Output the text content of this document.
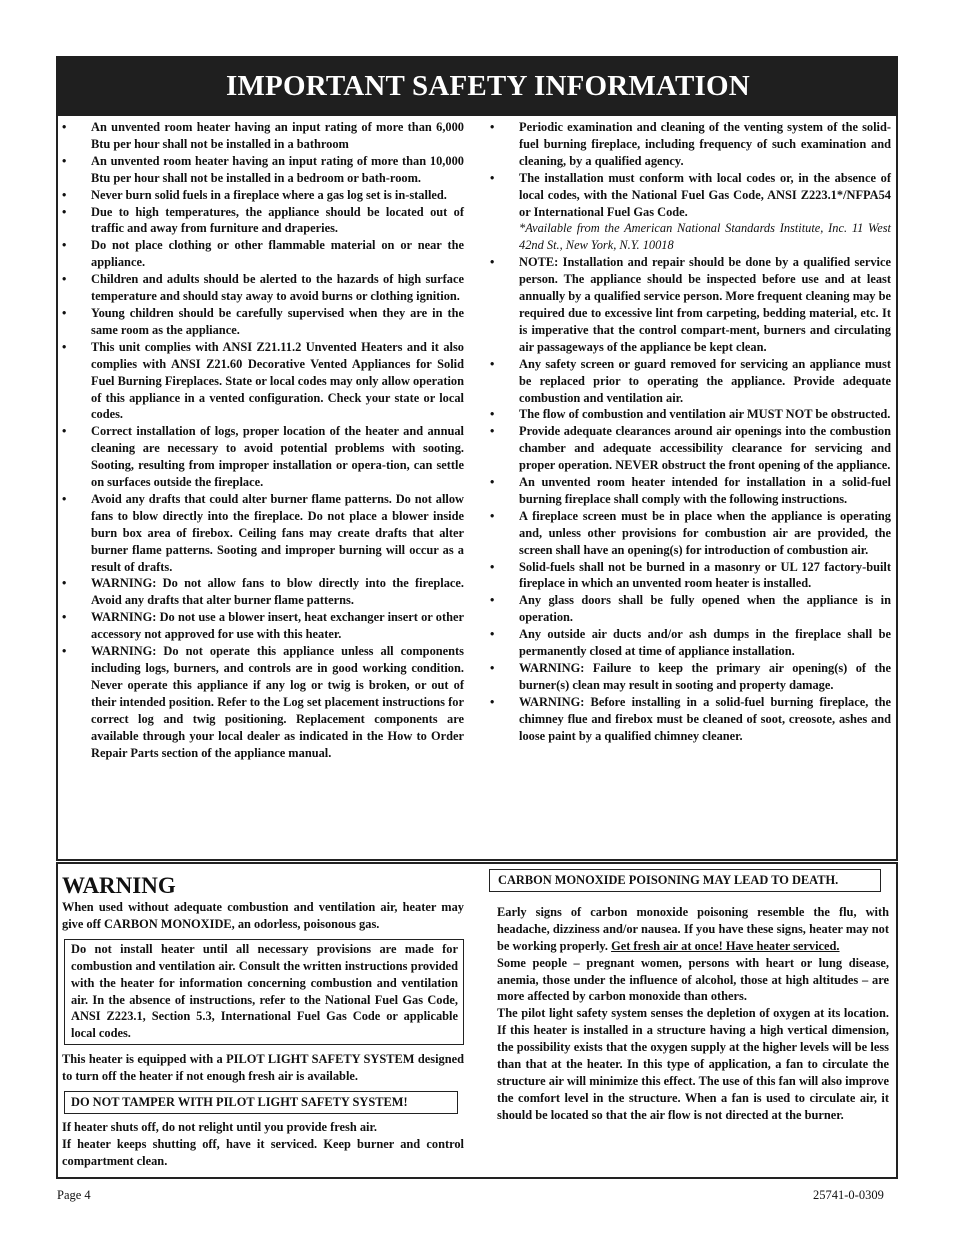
IMPORTANT SAFETY INFORMATION
• An unvented room heater having an input rating of more than 6,000 Btu per hour shall not be installed in a bathroom
• An unvented room heater having an input rating of more than 10,000 Btu per hour shall not be installed in a bedroom or bath-room.
• Never burn solid fuels in a fireplace where a gas log set is in-stalled.
• Due to high temperatures, the appliance should be located out of traffic and away from furniture and draperies.
• Do not place clothing or other flammable material on or near the appliance.
• Children and adults should be alerted to the hazards of high surface temperature and should stay away to avoid burns or clothing ignition.
• Young children should be carefully supervised when they are in the same room as the appliance.
• This unit complies with ANSI Z21.11.2 Unvented Heaters and it also complies with ANSI Z21.60 Decorative Vented Appliances for Solid Fuel Burning Fireplaces. State or local codes may only allow operation of this appliance in a vented configuration. Check your state or local codes.
• Correct installation of logs, proper location of the heater and annual cleaning are necessary to avoid potential problems with sooting. Sooting, resulting from improper installation or opera-tion, can settle on surfaces outside the fireplace.
• Avoid any drafts that could alter burner flame patterns. Do not allow fans to blow directly into the fireplace. Do not place a blower inside burn box area of firebox. Ceiling fans may create drafts that alter burner flame patterns. Sooting and improper burning will occur as a result of drafts.
• WARNING: Do not allow fans to blow directly into the fireplace. Avoid any drafts that alter burner flame patterns.
• WARNING: Do not use a blower insert, heat exchanger insert or other accessory not approved for use with this heater.
• WARNING: Do not operate this appliance unless all components including logs, burners, and controls are in good working condition. Never operate this appliance if any log or twig is broken, or out of their intended position. Refer to the Log set placement instructions for correct log and twig positioning. Replacement components are available through your local dealer as indicated in the How to Order Repair Parts section of the appliance manual.
• Periodic examination and cleaning of the venting system of the solid-fuel burning fireplace, including frequency of such examination and cleaning, by a qualified agency.
• The installation must conform with local codes or, in the absence of local codes, with the National Fuel Gas Code, ANSI Z223.1*/NFPA54 or International Fuel Gas Code.
*Available from the American National Standards Institute, Inc. 11 West 42nd St., New York, N.Y. 10018
• NOTE: Installation and repair should be done by a qualified service person. The appliance should be inspected before use and at least annually by a qualified service person. More frequent cleaning may be required due to excessive lint from carpeting, bedding material, etc. It is imperative that the control compart-ment, burners and circulating air passageways of the appliance be kept clean.
• Any safety screen or guard removed for servicing an appliance must be replaced prior to operating the appliance. Provide adequate combustion and ventilation air.
• The flow of combustion and ventilation air MUST NOT be obstructed.
• Provide adequate clearances around air openings into the combustion chamber and adequate accessibility clearance for servicing and proper operation. NEVER obstruct the front opening of the appliance.
• An unvented room heater intended for installation in a solid-fuel burning fireplace shall comply with the following instructions.
• A fireplace screen must be in place when the appliance is operating and, unless other provisions for combustion air are provided, the screen shall have an opening(s) for introduction of combustion air.
• Solid-fuels shall not be burned in a masonry or UL 127 factory-built fireplace in which an unvented room heater is installed.
• Any glass doors shall be fully opened when the appliance is in operation.
• Any outside air ducts and/or ash dumps in the fireplace shall be permanently closed at time of appliance installation.
• WARNING: Failure to keep the primary air opening(s) of the burner(s) clean may result in sooting and property damage.
• WARNING: Before installing in a solid-fuel burning fireplace, the chimney flue and firebox must be cleaned of soot, creosote, ashes and loose paint by a qualified chimney cleaner.
WARNING

When used without adequate combustion and ventilation air, heater may give off CARBON MONOXIDE, an odorless, poisonous gas.

Do not install heater until all necessary provisions are made for combustion and ventilation air. Consult the written instructions provided with the heater for information concerning combustion and ventilation air. In the absence of instructions, refer to the National Fuel Gas Code, ANSI Z223.1, Section 5.3, International Fuel Gas Code or applicable local codes.

This heater is equipped with a PILOT LIGHT SAFETY SYSTEM designed to turn off the heater if not enough fresh air is available.

DO NOT TAMPER WITH PILOT LIGHT SAFETY SYSTEM!

If heater shuts off, do not relight until you provide fresh air.

If heater keeps shutting off, have it serviced. Keep burner and control compartment clean.

CARBON MONOXIDE POISONING MAY LEAD TO DEATH.

Early signs of carbon monoxide poisoning resemble the flu, with headache, dizziness and/or nausea. If you have these signs, heater may not be working properly. Get fresh air at once! Have heater serviced.

Some people – pregnant women, persons with heart or lung disease, anemia, those under the influence of alcohol, those at high altitudes – are more affected by carbon monoxide than others.

The pilot light safety system senses the depletion of oxygen at its location. If this heater is installed in a structure having a high vertical dimension, the possibility exists that the oxygen supply at the higher levels will be less than that at the heater. In this type of application, a fan to circulate the structure air will minimize this effect. The use of this fan will also improve the comfort level in the structure. When a fan is used to circulate air, it should be located so that the air flow is not directed at the burner.

Page 4	25741-0-0309
